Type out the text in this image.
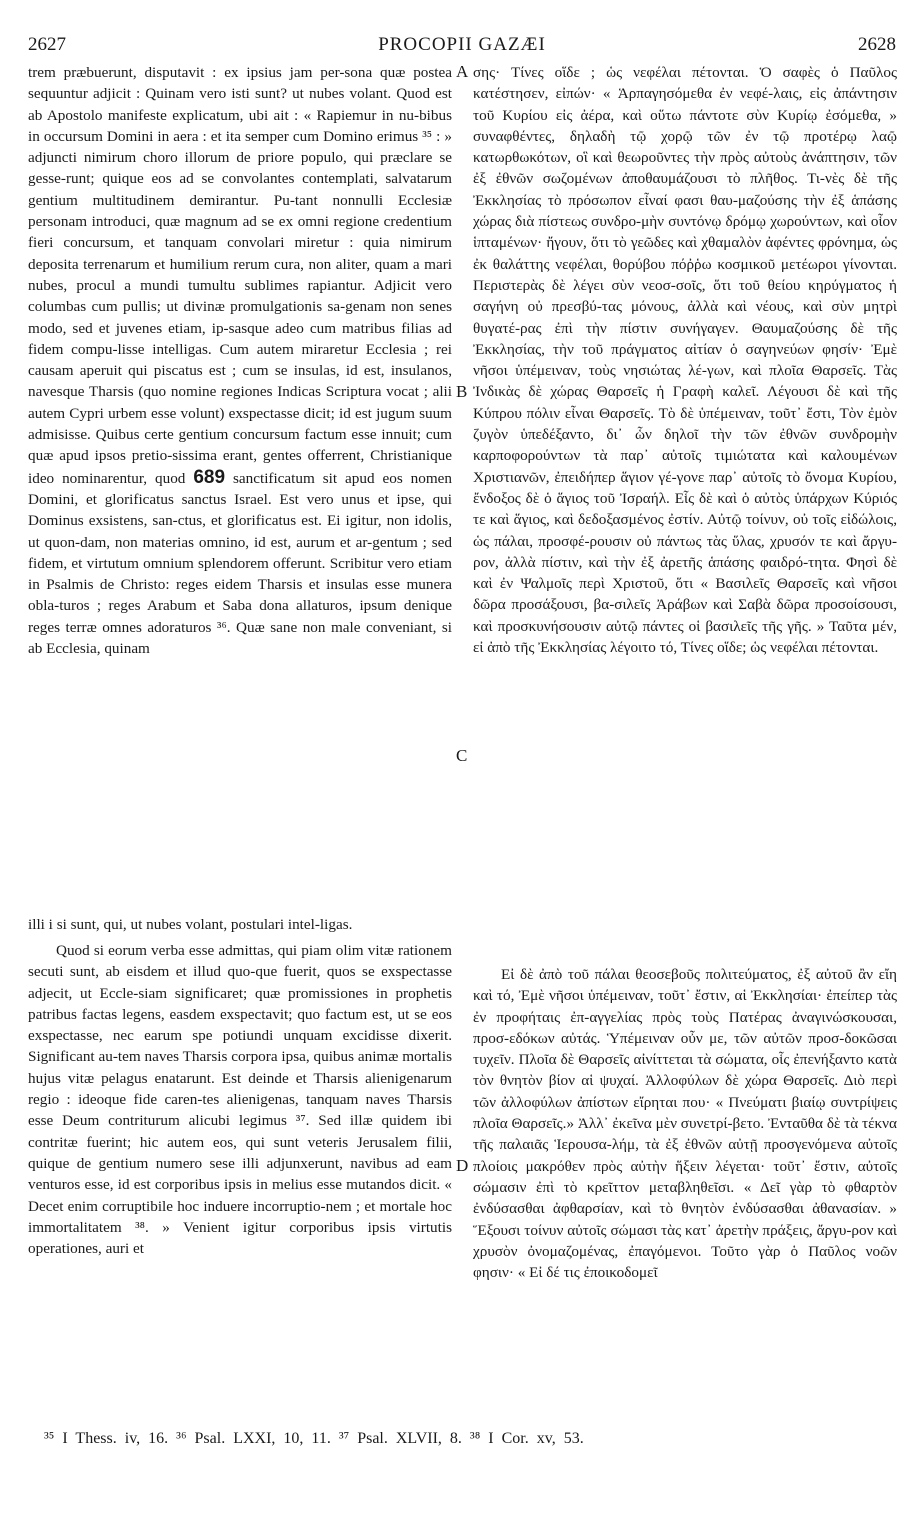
2627	PROCOPII GAZÆI	2628

trem præbuerunt, disputavit : ex ipsius jam per-sona quæ postea sequuntur adjicit : Quinam vero isti sunt? ut nubes volant. Quod est ab Apostolo manifeste explicatum, ubi ait : « Rapiemur in nu-bibus in occursum Domini in aera : et ita semper cum Domino erimus ³⁵ : » adjuncti nimirum choro illorum de priore populo, qui præclare se gesse-runt; quique eos ad se convolantes contemplati, salvatarum gentium multitudinem demirantur. Pu-tant nonnulli Ecclesiæ personam introduci, quæ magnum ad se ex omni regione credentium fieri concursum, et tanquam convolari miretur : quia nimirum deposita terrenarum et humilium rerum cura, non aliter, quam a mari nubes, procul a mundi tumultu sublimes rapiantur. Adjicit vero columbas cum pullis; ut divinæ promulgationis sa-genam non senes modo, sed et juvenes etiam, ip-sasque adeo cum matribus filias ad fidem compu-lisse intelligas. Cum autem miraretur Ecclesia ; rei causam aperuit qui piscatus est ; cum se insulas, id est, insulanos, navesque Tharsis (quo nomine regiones Indicas Scriptura vocat ; alii autem Cypri urbem esse volunt) exspectasse dicit; id est jugum suum admisisse. Quibus certe gentium concursum factum esse innuit; cum quæ apud ipsos pretio-sissima erant, gentes offerrent, Christianique ideo nominarentur, quod 689 sanctificatum sit apud eos nomen Domini, et glorificatus sanctus Israel. Est vero unus et ipse, qui Dominus exsistens, san-ctus, et glorificatus est. Ei igitur, non idolis, ut quon-dam, non materias omnino, id est, aurum et ar-gentum ; sed fidem, et virtutum omnium splendorem offerunt. Scribitur vero etiam in Psalmis de Christo: reges eidem Tharsis et insulas esse munera obla-turos ; reges Arabum et Saba dona allaturos, ipsum denique reges terræ omnes adoraturos ³⁶. Quæ sane non male conveniant, si ab Ecclesia, quinam

A
B
C
D

σης· Τίνες οἵδε ; ὡς νεφέλαι πέτονται. Ὁ σαφὲς ὁ Παῦλος κατέστησεν, εἰπών· « Ἁρπαγησόμεθα ἐν νεφέ-λαις, εἰς ἀπάντησιν τοῦ Κυρίου εἰς ἀέρα, καὶ οὕτω πάντοτε σὺν Κυρίῳ ἐσόμεθα, » συναφθέντες, δηλαδὴ τῷ χορῷ τῶν ἐν τῷ προτέρῳ λαῷ κατωρθωκότων, οἳ καὶ θεωροῦντες τὴν πρὸς αὐτοὺς ἀνάπτησιν, τῶν ἐξ ἐθνῶν σωζομένων ἀποθαυμάζουσι τὸ πλῆθος. Τι-νὲς δὲ τῆς Ἐκκλησίας τὸ πρόσωπον εἶναί φασι θαυ-μαζούσης τὴν ἐξ ἁπάσης χώρας διὰ πίστεως συνδρο-μὴν συντόνῳ δρόμῳ χωρούντων, καὶ οἷον ἱπταμένων· ἤγουν, ὅτι τὸ γεῶδες καὶ χθαμαλὸν ἀφέντες φρόνημα, ὡς ἐκ θαλάττης νεφέλαι, θορύβου πόῤῥω κοσμικοῦ μετέωροι γίνονται. Περιστερὰς δὲ λέγει σὺν νεοσ-σοῖς, ὅτι τοῦ θείου κηρύγματος ἡ σαγήνη οὐ πρεσβύ-τας μόνους, ἀλλὰ καὶ νέους, καὶ σὺν μητρὶ θυγατέ-ρας ἐπὶ τὴν πίστιν συνήγαγεν. Θαυμαζούσης δὲ τῆς Ἐκκλησίας, τὴν τοῦ πράγματος αἰτίαν ὁ σαγηνεύων φησίν· Ἐμὲ νῆσοι ὑπέμειναν, τοὺς νησιώτας λέ-γων, καὶ πλοῖα Θαρσεῖς. Τὰς Ἰνδικὰς δὲ χώρας Θαρσεῖς ἡ Γραφὴ καλεῖ. Λέγουσι δὲ καὶ τῆς Κύπρου πόλιν εἶναι Θαρσεῖς. Τὸ δὲ ὑπέμειναν, τοῦτ᾽ ἔστι, Τὸν ἐμὸν ζυγὸν ὑπεδέξαντο, δι᾽ ὧν δηλοῖ τὴν τῶν ἐθνῶν συνδρομὴν καρποφορούντων τὰ παρ᾽ αὐτοῖς τιμιώτατα καὶ καλουμένων Χριστιανῶν, ἐπειδήπερ ἅγιον γέ-γονε παρ᾽ αὐτοῖς τὸ ὄνομα Κυρίου, ἔνδοξος δὲ ὁ ἅγιος τοῦ Ἰσραήλ. Εἷς δὲ καὶ ὁ αὐτὸς ὑπάρχων Κύριός τε καὶ ἅγιος, καὶ δεδοξασμένος ἐστίν. Αὐτῷ τοίνυν, οὐ τοῖς εἰδώλοις, ὡς πάλαι, προσφέ-ρουσιν οὐ πάντως τὰς ὕλας, χρυσόν τε καὶ ἄργυ-ρον, ἀλλὰ πίστιν, καὶ τὴν ἐξ ἀρετῆς ἁπάσης φαιδρό-τητα. Φησὶ δὲ καὶ ἐν Ψαλμοῖς περὶ Χριστοῦ, ὅτι « Βασιλεῖς Θαρσεῖς καὶ νῆσοι δῶρα προσάξουσι, βα-σιλεῖς Ἀράβων καὶ Σαβὰ δῶρα προσοίσουσι, καὶ προσκυνήσουσιν αὐτῷ πάντες οἱ βασιλεῖς τῆς γῆς. » Ταῦτα μέν, εἰ ἀπὸ τῆς Ἐκκλησίας λέγοιτο τό, Τίνες οἵδε; ὡς νεφέλαι πέτονται.

illi i si sunt, qui, ut nubes volant, postulari intel-ligas.

Quod si eorum verba esse admittas, qui piam olim vitæ rationem secuti sunt, ab eisdem et illud quo-que fuerit, quos se exspectasse adjecit, ut Eccle-siam significaret; quæ promissiones in prophetis patribus factas legens, easdem exspectavit; quo factum est, ut se eos exspectasse, nec earum spe potiundi unquam excidisse dixerit. Significant au-tem naves Tharsis corpora ipsa, quibus animæ mortalis hujus vitæ pelagus enatarunt. Est deinde et Tharsis alienigenarum regio : ideoque fide caren-tes alienigenas, tanquam naves Tharsis esse Deum contriturum alicubi legimus ³⁷. Sed illæ quidem ibi contritæ fuerint; hic autem eos, qui sunt veteris Jerusalem filii, quique de gentium numero sese illi adjunxerunt, navibus ad eam venturos esse, id est corporibus ipsis in melius esse mutandos dicit. « Decet enim corruptibile hoc induere incorruptio-nem ; et mortale hoc immortalitatem ³⁸. » Venient igitur corporibus ipsis virtutis operationes, auri et

Εἰ δὲ ἀπὸ τοῦ πάλαι θεοσεβοῦς πολιτεύματος, ἐξ αὐτοῦ ἂν εἴη καὶ τό, Ἐμὲ νῆσοι ὑπέμειναν, τοῦτ᾽ ἔστιν, αἱ Ἐκκλησίαι· ἐπείπερ τὰς ἐν προφήταις ἐπ-αγγελίας πρὸς τοὺς Πατέρας ἀναγινώσκουσαι, προσ-εδόκων αὐτάς. Ὑπέμειναν οὖν με, τῶν αὐτῶν προσ-δοκῶσαι τυχεῖν. Πλοῖα δὲ Θαρσεῖς αἰνίττεται τὰ σώματα, οἷς ἐπενήξαντο κατὰ τὸν θνητὸν βίον αἱ ψυχαί. Ἀλλοφύλων δὲ χώρα Θαρσεῖς. Διὸ περὶ τῶν ἀλλοφύλων ἀπίστων εἴρηται που· « Πνεύματι βιαίῳ συντρίψεις πλοῖα Θαρσεῖς.» Ἀλλ᾽ ἐκεῖνα μὲν συνετρί-βετο. Ἐνταῦθα δὲ τὰ τέκνα τῆς παλαιᾶς Ἱερουσα-λήμ, τὰ ἐξ ἐθνῶν αὐτῇ προσγενόμενα αὐτοῖς πλοίοις μακρόθεν πρὸς αὐτὴν ἥξειν λέγεται· τοῦτ᾽ ἔστιν, αὐτοῖς σώμασιν ἐπὶ τὸ κρεῖττον μεταβληθεῖσι. « Δεῖ γὰρ τὸ φθαρτὸν ἐνδύσασθαι ἀφθαρσίαν, καὶ τὸ θνητὸν ἐνδύσασθαι ἀθανασίαν. » Ἕξουσι τοίνυν αὐτοῖς σώμασι τὰς κατ᾽ ἀρετὴν πράξεις, ἄργυ-ρον καὶ χρυσὸν ὀνομαζομένας, ἐπαγόμενοι. Τοῦτο γὰρ ὁ Παῦλος νοῶν φησιν· « Εἰ δέ τις ἐποικοδομεῖ

³⁵ I Thess. iv, 16. ³⁶ Psal. LXXI, 10, 11. ³⁷ Psal. XLVII, 8. ³⁸ I Cor. xv, 53.
